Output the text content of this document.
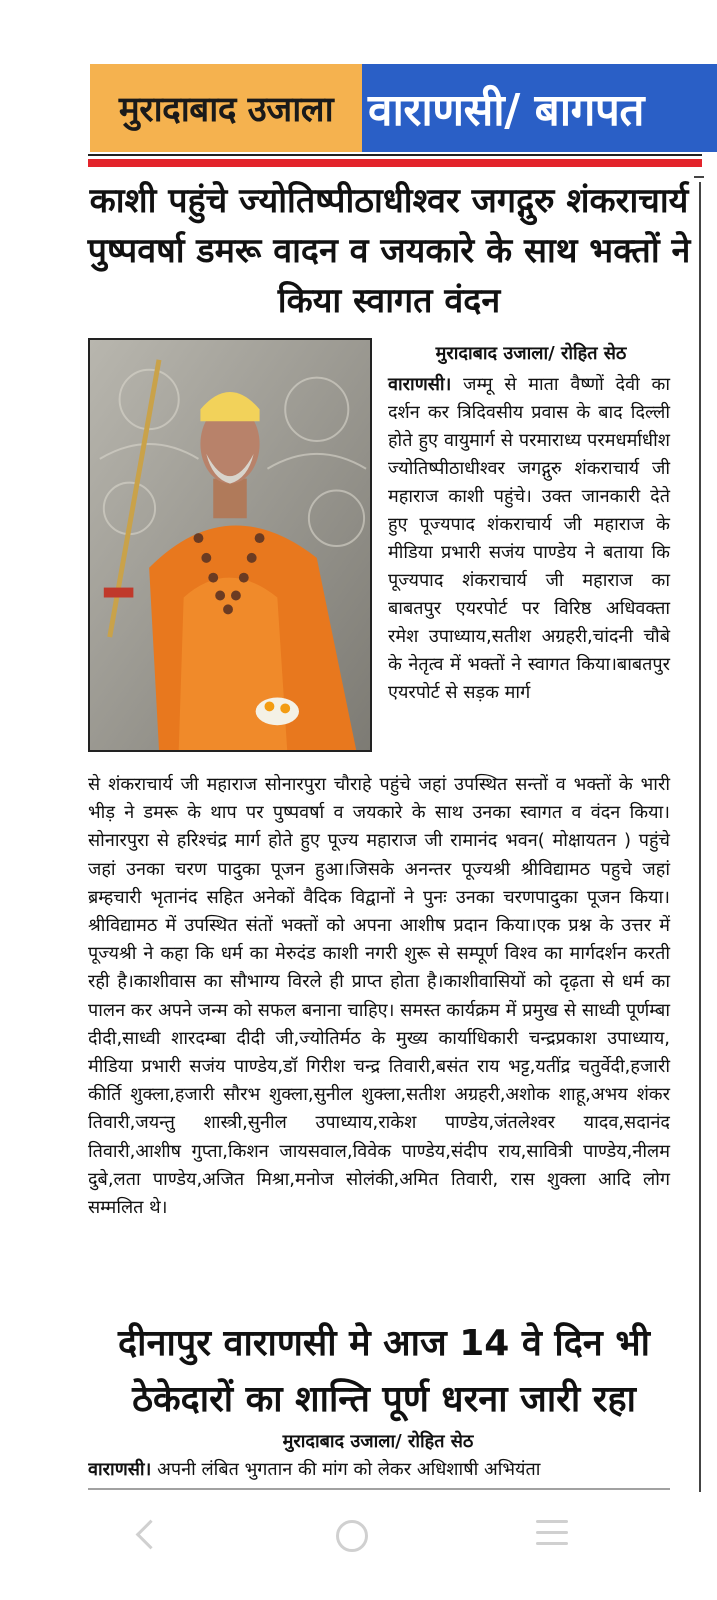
मुरादाबाद उजाला वाराणसी/ बागपत
काशी पहुंचे ज्योतिष्पीठाधीश्वर जगद्गुरु शंकराचार्य पुष्पवर्षा डमरू वादन व जयकारे के साथ भक्तों ने किया स्वागत वंदन
मुरादाबाद उजाला/ रोहित सेठ
वाराणसी। जम्मू से माता वैष्णों देवी का दर्शन कर त्रिदिवसीय प्रवास के बाद दिल्ली होते हुए वायुमार्ग से परमाराध्य परमधर्माधीश ज्योतिष्पीठाधीश्वर जगद्गुरु शंकराचार्य जी महाराज काशी पहुंचे। उक्त जानकारी देते हुए पूज्यपाद शंकराचार्य जी महाराज के मीडिया प्रभारी सजंय पाण्डेय ने बताया कि पूज्यपाद शंकराचार्य जी महाराज का बाबतपुर एयरपोर्ट पर विरिष्ठ अधिवक्ता रमेश उपाध्याय,सतीश अग्रहरी,चांदनी चौबे के नेतृत्व में भक्तों ने स्वागत किया।बाबतपुर एयरपोर्ट से सड़क मार्ग
से शंकराचार्य जी महाराज सोनारपुरा चौराहे पहुंचे जहां उपस्थित सन्तों व भक्तों के भारी भीड़ ने डमरू के थाप पर पुष्पवर्षा व जयकारे के साथ उनका स्वागत व वंदन किया।सोनारपुरा से हरिश्चंद्र मार्ग होते हुए पूज्य महाराज जी रामानंद भवन( मोक्षायतन ) पहुंचे जहां उनका चरण पादुका पूजन हुआ।जिसके अनन्तर पूज्यश्री श्रीविद्यामठ पहुचे जहां ब्रम्हचारी भृतानंद सहित अनेकों वैदिक विद्वानों ने पुनः उनका चरणपादुका पूजन किया। श्रीविद्यामठ में उपस्थित संतों भक्तों को अपना आशीष प्रदान किया।एक प्रश्न के उत्तर में पूज्यश्री ने कहा कि धर्म का मेरुदंड काशी नगरी शुरू से सम्पूर्ण विश्व का मार्गदर्शन करती रही है।काशीवास का सौभाग्य विरले ही प्राप्त होता है।काशीवासियों को दृढ़ता से धर्म का पालन कर अपने जन्म को सफल बनाना चाहिए। समस्त कार्यक्रम में प्रमुख से साध्वी पूर्णम्बा दीदी,साध्वी शारदम्बा दीदी जी,ज्योतिर्मठ के मुख्य कार्याधिकारी चन्द्रप्रकाश उपाध्याय, मीडिया प्रभारी सजंय पाण्डेय,डॉ गिरीश चन्द्र तिवारी,बसंत राय भट्ट,यतींद्र चतुर्वेदी,हजारी कीर्ति शुक्ला,हजारी सौरभ शुक्ला,सुनील शुक्ला,सतीश अग्रहरी,अशोक शाहू,अभय शंकर तिवारी,जयन्तु शास्त्री,सुनील उपाध्याय,राकेश पाण्डेय,जंतलेश्वर यादव,सदानंद तिवारी,आशीष गुप्ता,किशन जायसवाल,विवेक पाण्डेय,संदीप राय,सावित्री पाण्डेय,नीलम दुबे,लता पाण्डेय,अजित मिश्रा,मनोज सोलंकी,अमित तिवारी, रास शुक्ला आदि लोग सम्मलित थे।
दीनापुर वाराणसी मे आज 14 वे दिन भी ठेकेदारों का शान्ति पूर्ण धरना जारी रहा
मुरादाबाद उजाला/ रोहित सेठ
वाराणसी। अपनी लंबित भुगतान की मांग को लेकर अधिशाषी अभियंता
